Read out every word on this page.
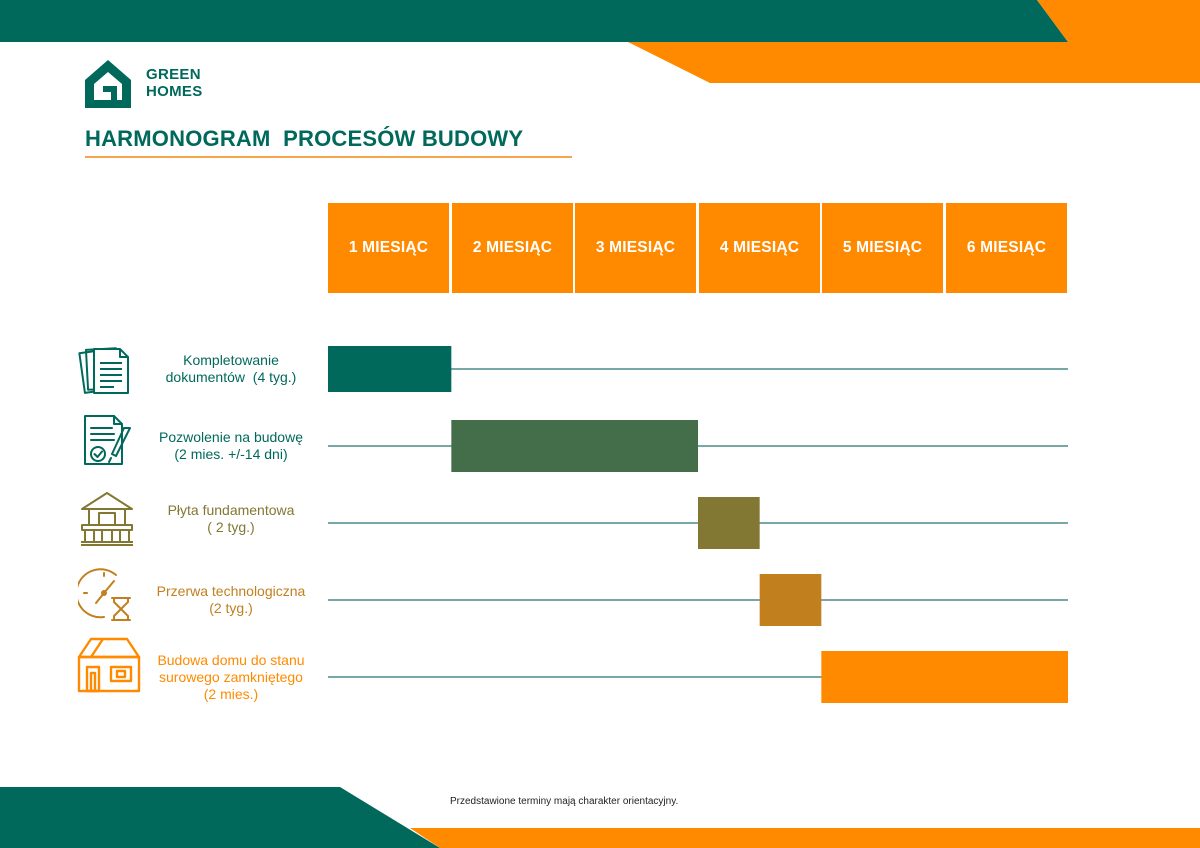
GREEN
HOMES
HARMONOGRAM  PROCESÓW BUDOWY
1 MIESIĄC	2 MIESIĄC	3 MIESIĄC	4 MIESIĄC	5 MIESIĄC	6 MIESIĄC
Kompletowanie
dokumentów  (4 tyg.)
Pozwolenie na budowę
(2 mies. +/-14 dni)
Płyta fundamentowa
( 2 tyg.)
Przerwa technologiczna
(2 tyg.)
Budowa domu do stanu
surowego zamkniętego
(2 mies.)
Przedstawione terminy mają charakter orientacyjny.
